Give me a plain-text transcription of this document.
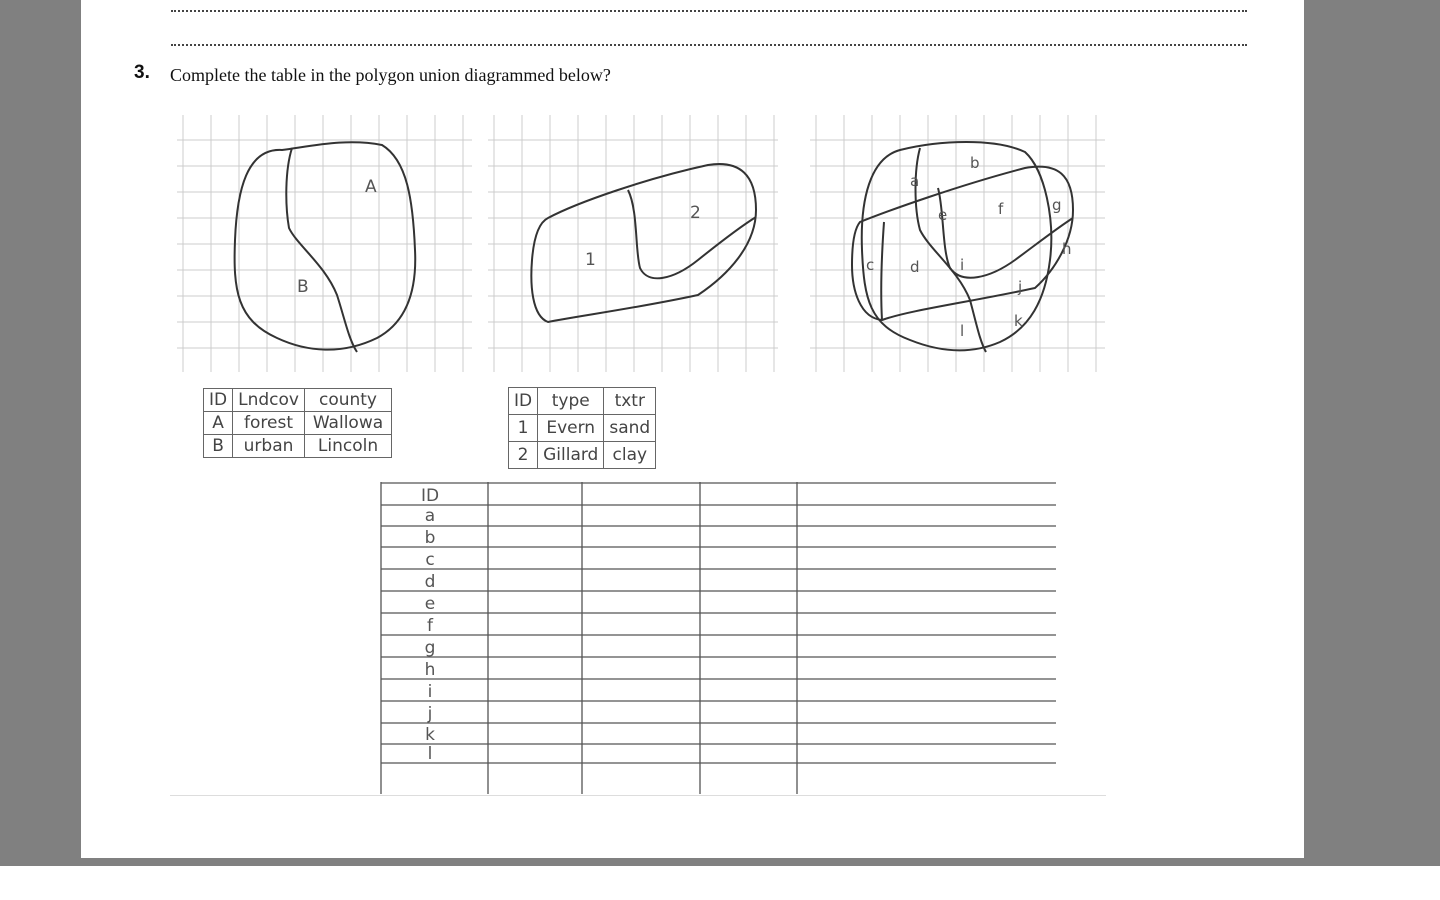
3. Complete the table in the polygon union diagrammed below?
A
B
1
2
a
b
c d
e	f	g
h
i
j
k
l
ID	Lndcov	county
A	forest	Wallowa
B	urban	Lincoln
ID	type	txtr
1	Evern	sand
2	Gillard	clay
ID
a
b
c
d
e
f
g
h
i
j
k
l
